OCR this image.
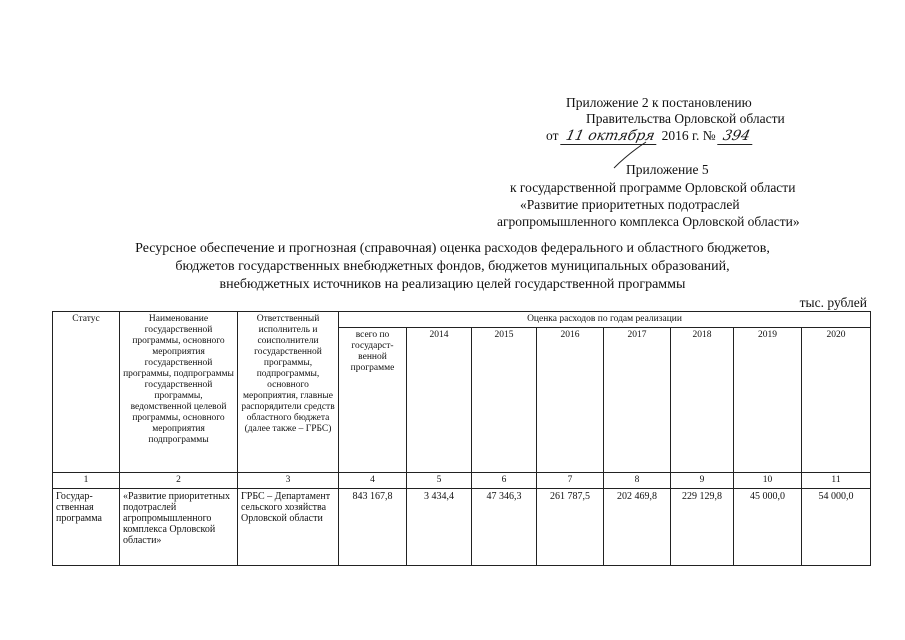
Приложение 2 к постановлению
Правительства Орловской области
от 11 октября 2016 г. № 394
Приложение 5
к государственной программе Орловской области
«Развитие приоритетных подотраслей
агропромышленного комплекса Орловской области»
Ресурсное обеспечение и прогнозная (справочная) оценка расходов федерального и областного бюджетов,
бюджетов государственных внебюджетных фондов, бюджетов муниципальных образований,
внебюджетных источников на реализацию целей государственной программы
тыс. рублей
Статус	Наименование государственной программы, основного мероприятия государственной программы, подпрограммы государственной программы, ведомственной целевой программы, основного мероприятия подпрограммы	Ответственный исполнитель и соисполнители государственной программы, подпрограммы, основного мероприятия, главные распорядители средств областного бюджета (далее также – ГРБС)	Оценка расходов по годам реализации							
			всего по государст-венной программе	2014	2015	2016	2017	2018	2019	2020
1	2	3	4	5	6	7	8	9	10	11
Государ-ственная программа	«Развитие приоритетных подотраслей агропромышленного комплекса Орловской области»	ГРБС – Департамент сельского хозяйства Орловской области	843 167,8	3 434,4	47 346,3	261 787,5	202 469,8	229 129,8	45 000,0	54 000,0
